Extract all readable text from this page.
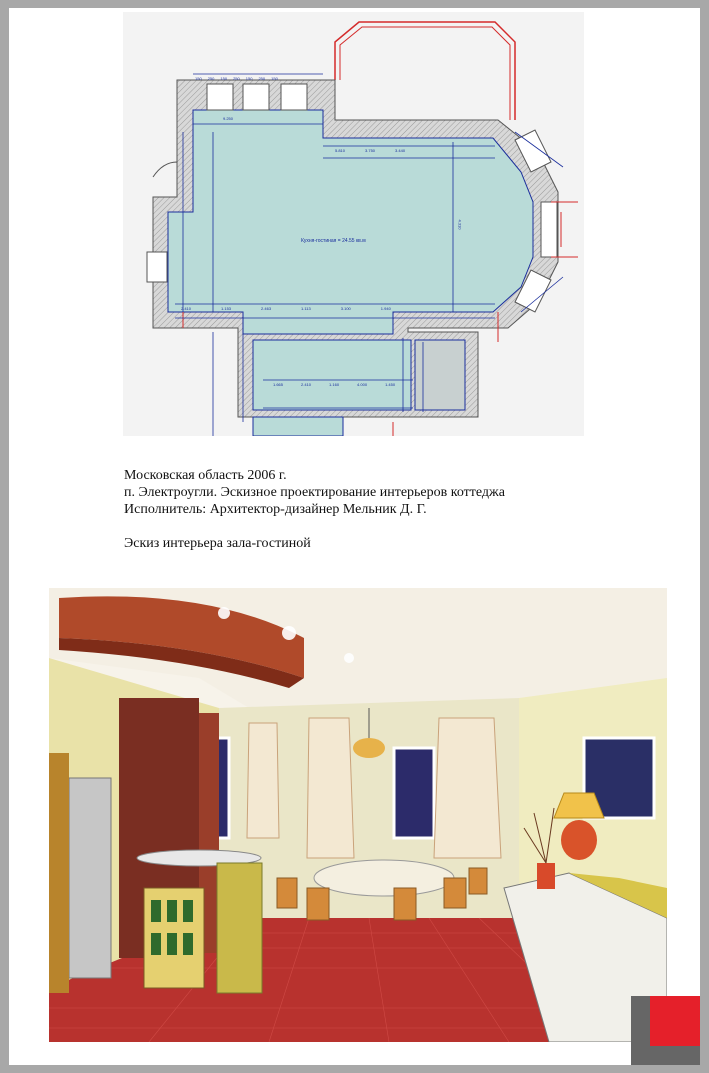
Кухня-гостиная = 24.55 кв.м
150 250 150 250 150 250 150
9.250
5.810	3.750	3.440
2.410	1.153	2.463	1.113	3.100	1.940
4.310
1.665	2.410	1.160	4.000	1.450
Московская область 2006 г.
п. Электроугли. Эскизное проектирование интерьеров коттеджа
Исполнитель: Архитектор-дизайнер Мельник Д. Г.
Эскиз интерьера зала-гостиной
